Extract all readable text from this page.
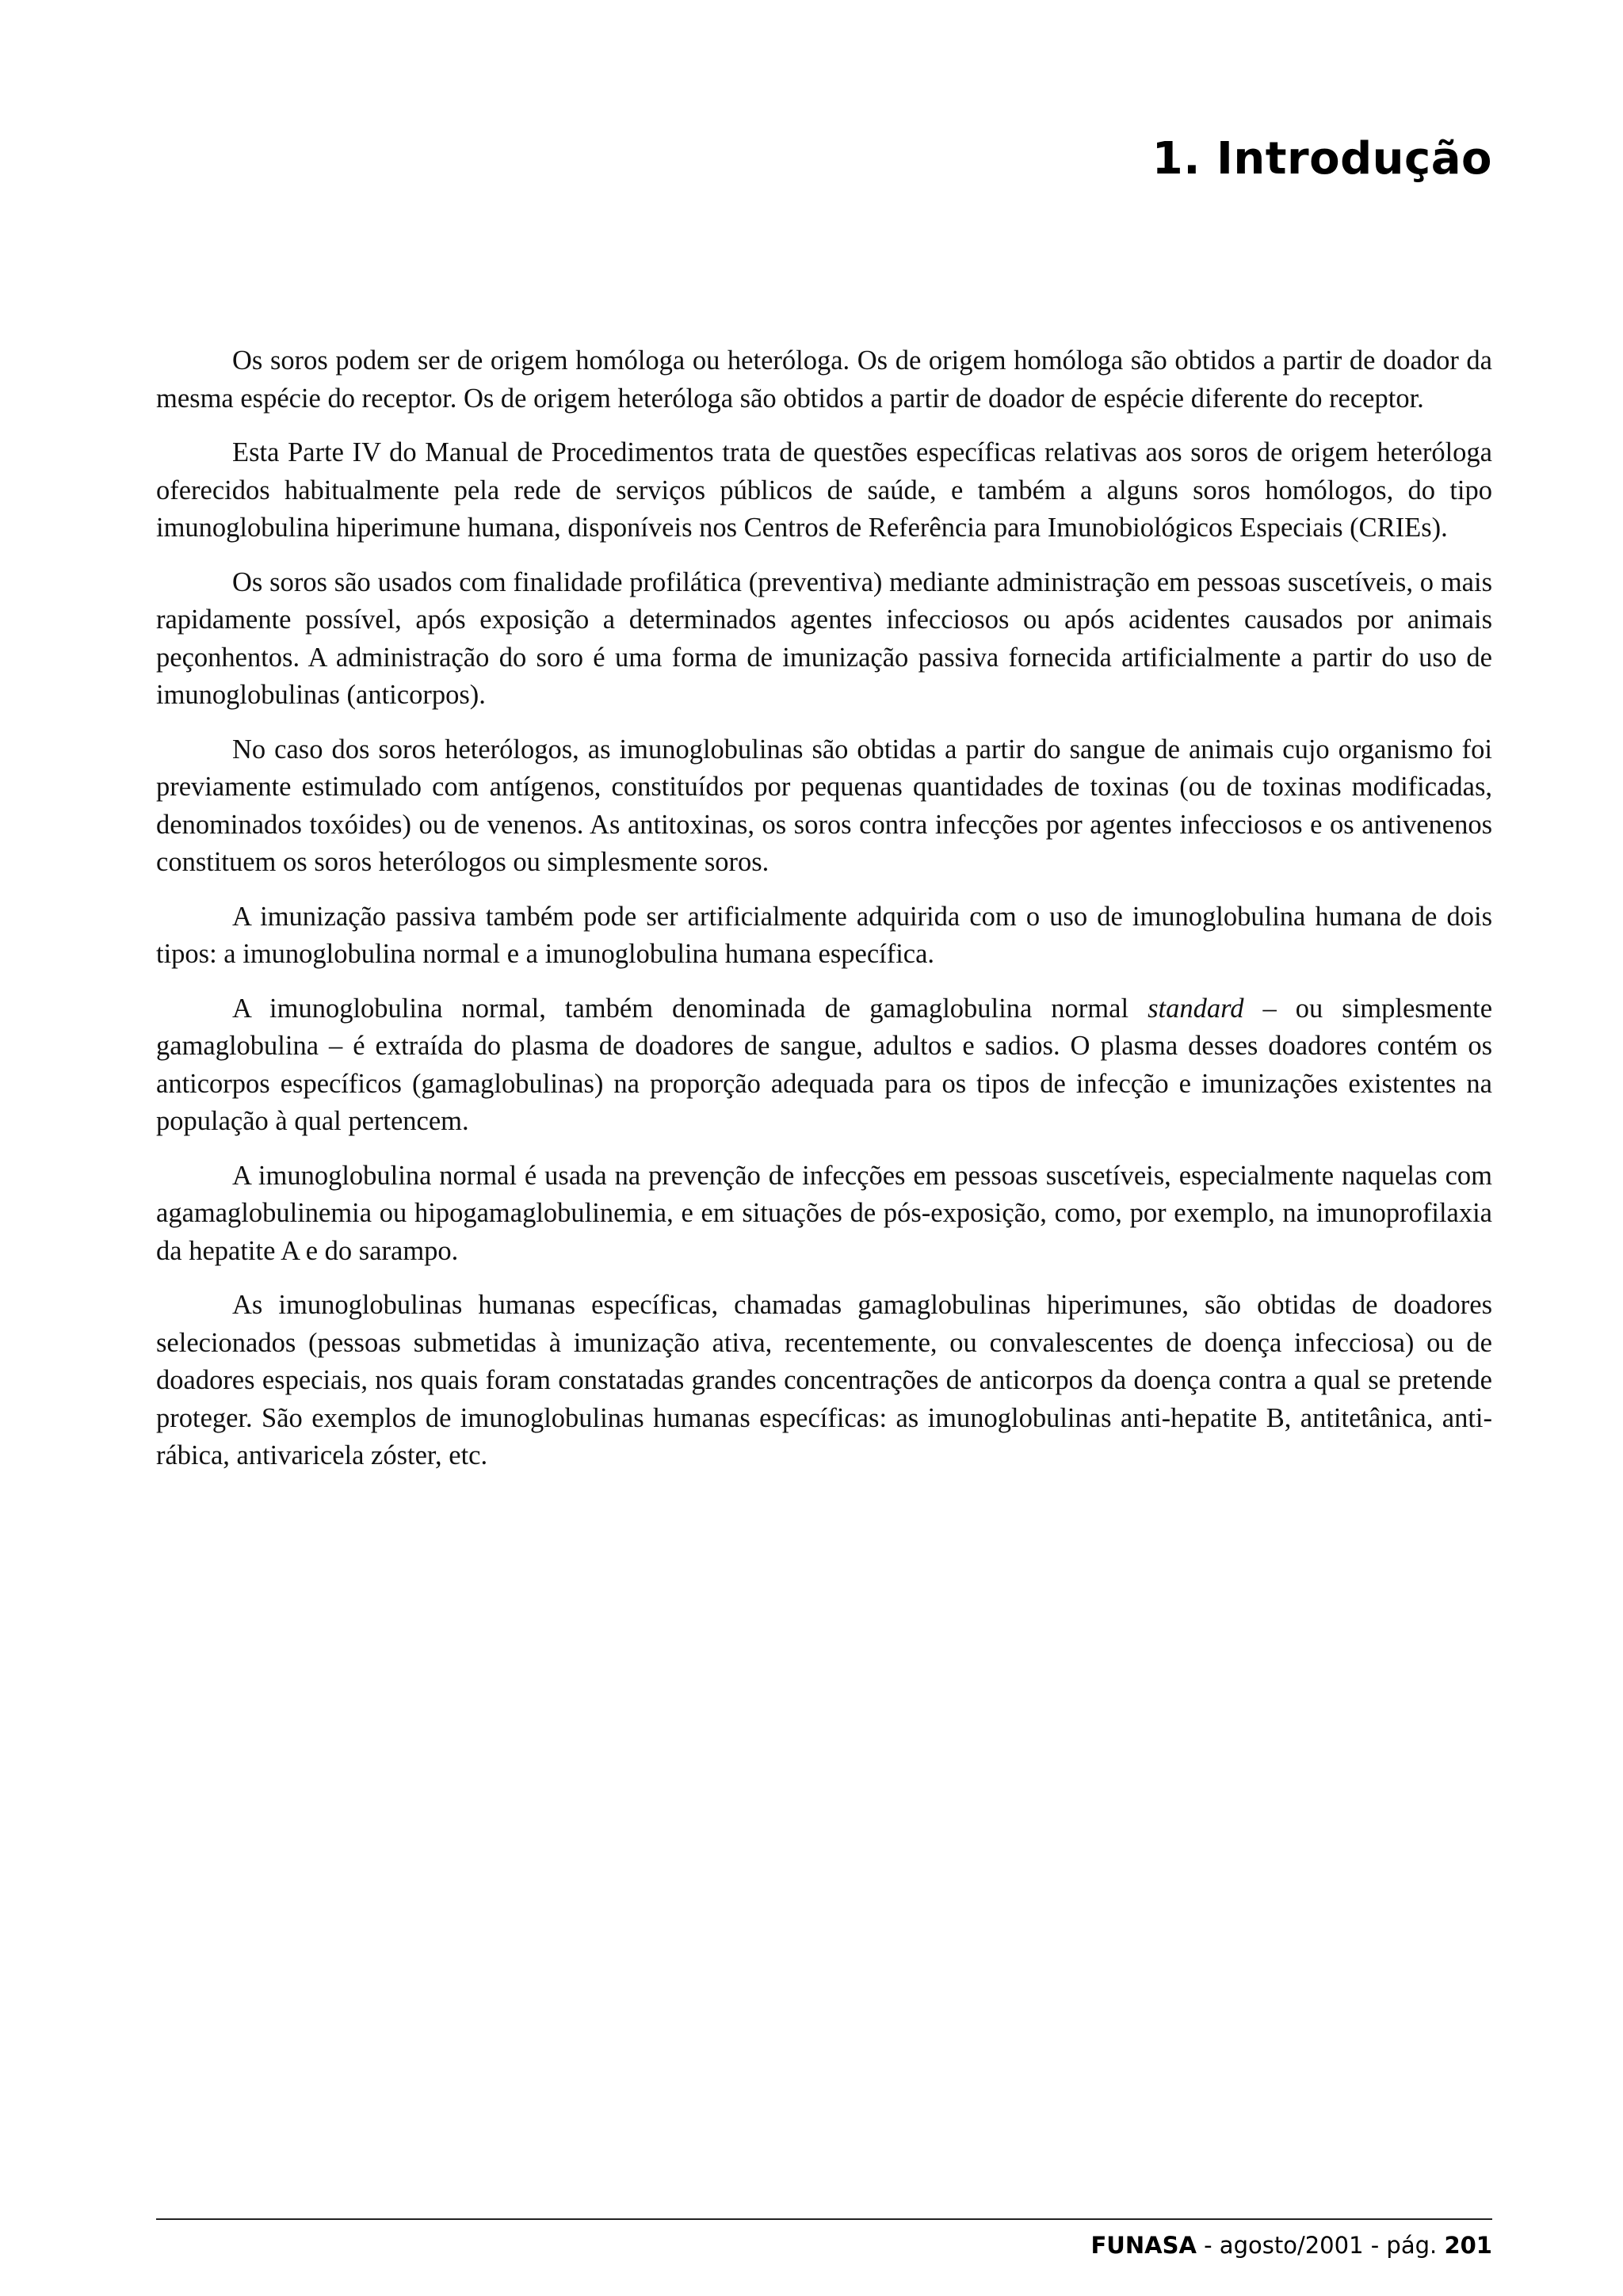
1. Introdução

Os soros podem ser de origem homóloga ou heteróloga. Os de origem homóloga são obtidos a partir de doador da mesma espécie do receptor. Os de origem heteróloga são obtidos a partir de doador de espécie diferente do receptor.

Esta Parte IV do Manual de Procedimentos trata de questões específicas relativas aos soros de origem heteróloga oferecidos habitualmente pela rede de serviços públicos de saúde, e também a alguns soros homólogos, do tipo imunoglobulina hiperimune humana, disponíveis nos Centros de Referência para Imunobiológicos Especiais (CRIEs).

Os soros são usados com finalidade profilática (preventiva) mediante administração em pessoas suscetíveis, o mais rapidamente possível, após exposição a determinados agentes infecciosos ou após acidentes causados por animais peçonhentos. A administração do soro é uma forma de imunização passiva fornecida artificialmente a partir do uso de imunoglobulinas (anticorpos).

No caso dos soros heterólogos, as imunoglobulinas são obtidas a partir do sangue de animais cujo organismo foi previamente estimulado com antígenos, constituídos por pequenas quantidades de toxinas (ou de toxinas modificadas, denominados toxóides) ou de venenos. As antitoxinas, os soros contra infecções por agentes infecciosos e os antivenenos constituem os soros heterólogos ou simplesmente soros.

A imunização passiva também pode ser artificialmente adquirida com o uso de imunoglobulina humana de dois tipos: a imunoglobulina normal e a imunoglobulina humana específica.

A imunoglobulina normal, também denominada de gamaglobulina normal standard – ou simplesmente gamaglobulina – é extraída do plasma de doadores de sangue, adultos e sadios. O plasma desses doadores contém os anticorpos específicos (gamaglobulinas) na proporção adequada para os tipos de infecção e imunizações existentes na população à qual pertencem.

A imunoglobulina normal é usada na prevenção de infecções em pessoas suscetíveis, especialmente naquelas com agamaglobulinemia ou hipogamaglobulinemia, e em situações de pós-exposição, como, por exemplo, na imunoprofilaxia da hepatite A e do sarampo.

As imunoglobulinas humanas específicas, chamadas gamaglobulinas hiperimunes, são obtidas de doadores selecionados (pessoas submetidas à imunização ativa, recentemente, ou convalescentes de doença infecciosa) ou de doadores especiais, nos quais foram constatadas grandes concentrações de anticorpos da doença contra a qual se pretende proteger. São exemplos de imunoglobulinas humanas específicas: as imunoglobulinas anti-hepatite B, antitetânica, anti-rábica, antivaricela zóster, etc.

FUNASA - agosto/2001 - pág. 201
